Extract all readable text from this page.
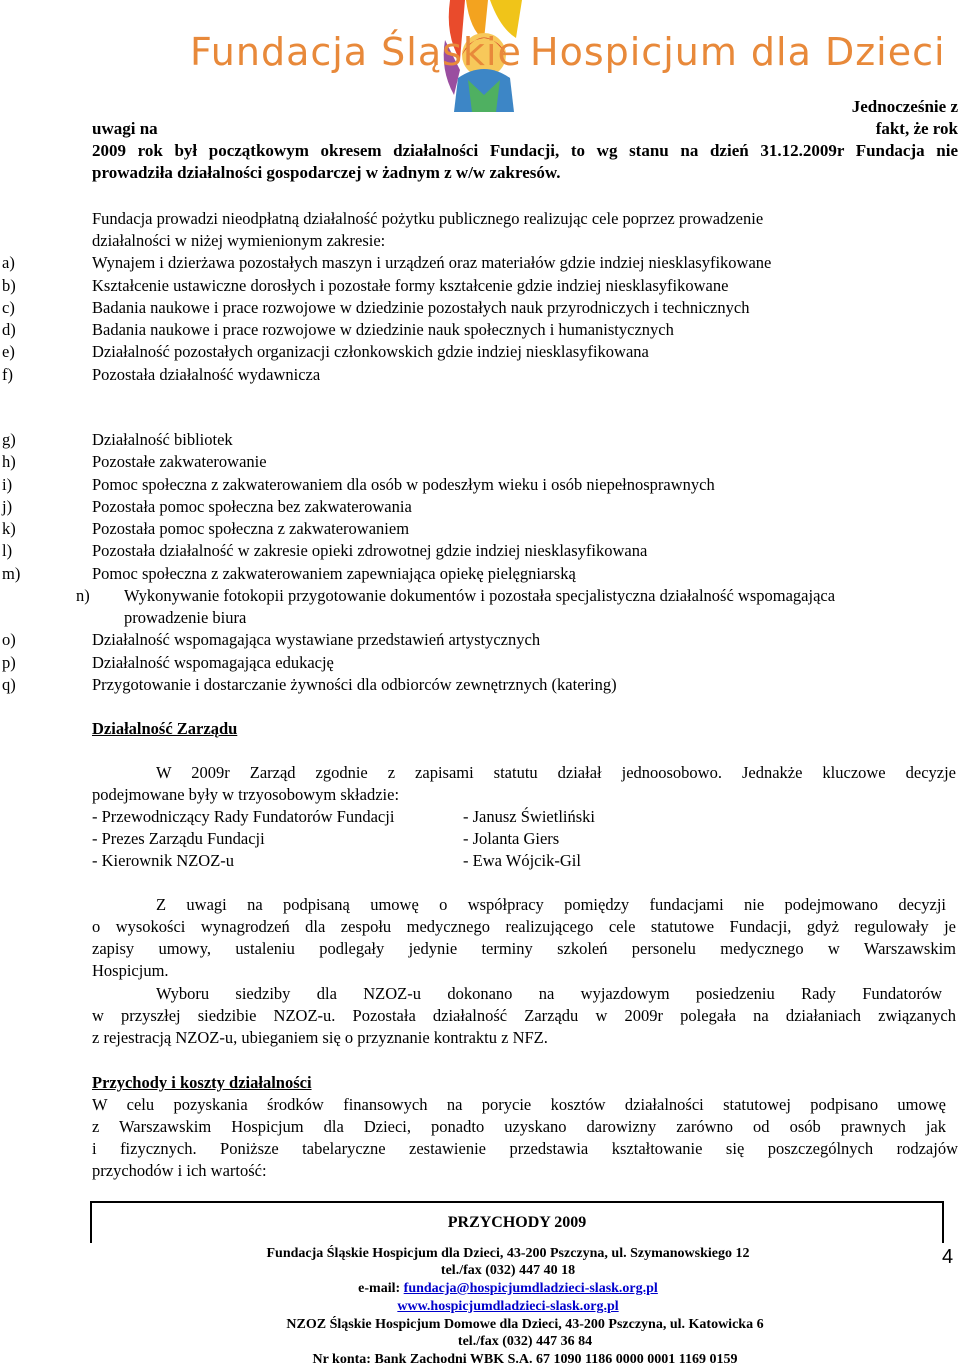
Fundacja Śląskie Hospicjum dla Dzieci
Jednocześnie z
uwagi na	fakt, że rok
2009 rok był początkowym okresem działalności Fundacji, to wg stanu na dzień 31.12.2009r Fundacja nie
prowadziła działalności gospodarczej w żadnym z w/w zakresów.
Fundacja prowadzi nieodpłatną działalność pożytku publicznego realizując cele poprzez prowadzenie
działalności w niżej wymienionym zakresie:
a)	Wynajem i dzierżawa pozostałych maszyn i urządzeń oraz materiałów gdzie indziej niesklasyfikowane
b)	Kształcenie ustawiczne dorosłych i pozostałe formy kształcenie gdzie indziej niesklasyfikowane
c)	Badania naukowe i prace rozwojowe w dziedzinie pozostałych nauk przyrodniczych i technicznych
d)	Badania naukowe i prace rozwojowe w dziedzinie nauk społecznych i humanistycznych
e)	Działalność pozostałych organizacji członkowskich gdzie indziej niesklasyfikowana
f)	Pozostała działalność wydawnicza
g)	Działalność bibliotek
h)	Pozostałe zakwaterowanie
i)	Pomoc społeczna z zakwaterowaniem dla osób w podeszłym wieku i osób niepełnosprawnych
j)	Pozostała pomoc społeczna bez zakwaterowania
k)	Pozostała pomoc społeczna z zakwaterowaniem
l)	Pozostała działalność w zakresie opieki zdrowotnej gdzie indziej niesklasyfikowana
m)	Pomoc społeczna z zakwaterowaniem zapewniająca opiekę pielęgniarską
n) Wykonywanie fotokopii przygotowanie dokumentów i pozostała specjalistyczna działalność wspomagająca
prowadzenie biura
o)	Działalność wspomagająca wystawiane przedstawień artystycznych
p)	Działalność wspomagająca edukację
q)	Przygotowanie i dostarczanie żywności dla odbiorców zewnętrznych (katering)
Działalność Zarządu
W 2009r Zarząd zgodnie z zapisami statutu działał jednoosobowo. Jednakże kluczowe decyzje
podejmowane były w trzyosobowym składzie:
- Przewodniczący Rady Fundatorów Fundacji	- Janusz Świetliński
- Prezes Zarządu Fundacji	- Jolanta Giers
- Kierownik NZOZ-u	- Ewa Wójcik-Gil
Z uwagi na podpisaną umowę o współpracy pomiędzy fundacjami nie podejmowano decyzji
o wysokości wynagrodzeń dla zespołu medycznego realizującego cele statutowe Fundacji, gdyż regulowały je
zapisy umowy, ustaleniu podlegały jedynie terminy szkoleń personelu medycznego w Warszawskim
Hospicjum.
Wyboru siedziby dla NZOZ-u dokonano na wyjazdowym posiedzeniu Rady Fundatorów
w przyszłej siedzibie NZOZ-u. Pozostała działalność Zarządu w 2009r polegała na działaniach związanych
z rejestracją NZOZ-u, ubieganiem się o przyznanie kontraktu z NFZ.
Przychody i koszty działalności
W celu pozyskania środków finansowych na porycie kosztów działalności statutowej podpisano umowę
z Warszawskim Hospicjum dla Dzieci, ponadto uzyskano darowizny zarówno od osób prawnych jak
i fizycznych. Poniższe tabelaryczne zestawienie przedstawia kształtowanie się poszczególnych rodzajów
przychodów i ich wartość:
PRZYCHODY 2009
Fundacja Śląskie Hospicjum dla Dzieci, 43-200 Pszczyna, ul. Szymanowskiego 12
tel./fax (032) 447 40 18
e-mail: fundacja@hospicjumdladzieci-slask.org.pl
www.hospicjumdladzieci-slask.org.pl
NZOZ Śląskie Hospicjum Domowe dla Dzieci, 43-200 Pszczyna, ul. Katowicka 6
tel./fax (032) 447 36 84
Nr konta: Bank Zachodni WBK S.A. 67 1090 1186 0000 0001 1169 0159
4
